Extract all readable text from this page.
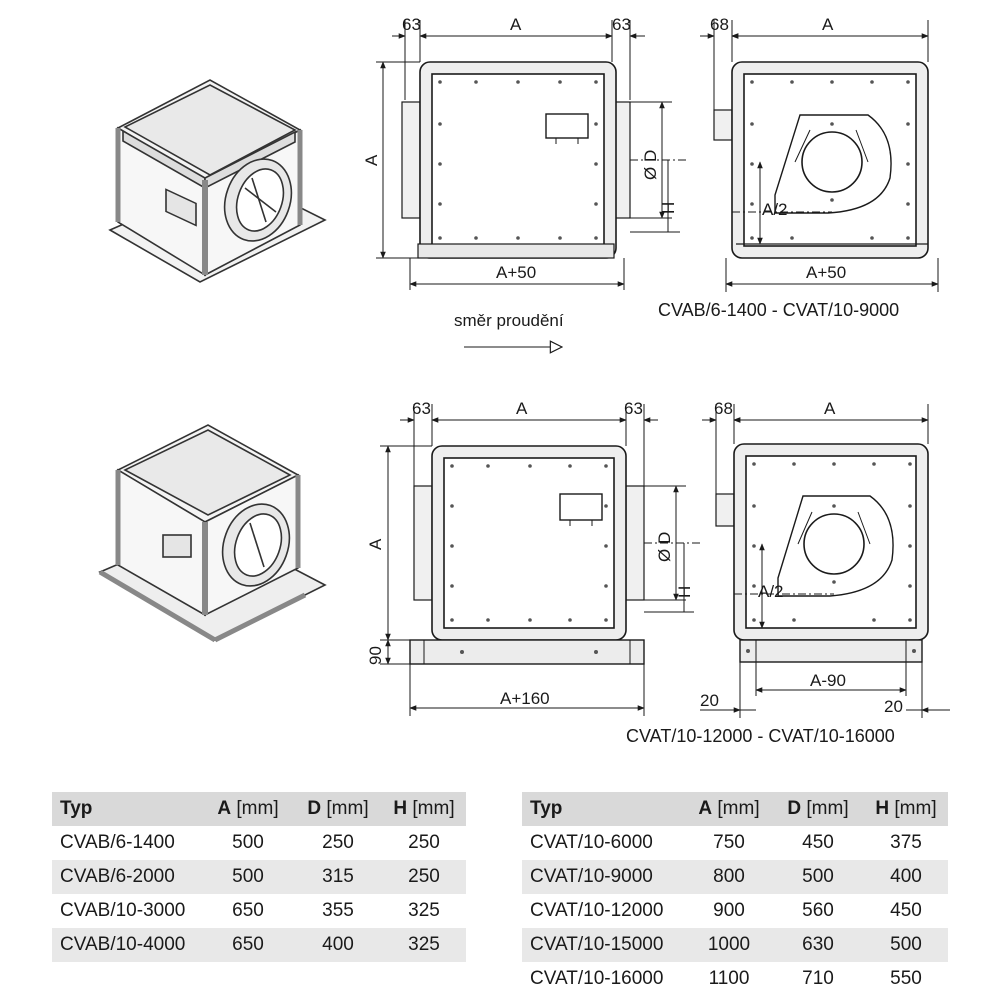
63	A	63
A	Ø D
H
A+50
68	A
A/2
A+50
CVAB/6-1400 - CVAT/10-9000
směr proudění
63	A	63
A
90
Ø D
H
A+160
68	A
A/2
A-90
20	20
CVAT/10-12000 - CVAT/10-16000
Typ	A [mm]	D [mm]	H [mm]
CVAB/6-1400	500	250	250
CVAB/6-2000	500	315	250
CVAB/10-3000	650	355	325
CVAB/10-4000	650	400	325
Typ	A [mm]	D [mm]	H [mm]
CVAT/10-6000	750	450	375
CVAT/10-9000	800	500	400
CVAT/10-12000	900	560	450
CVAT/10-15000	1000	630	500
CVAT/10-16000	1100	710	550
